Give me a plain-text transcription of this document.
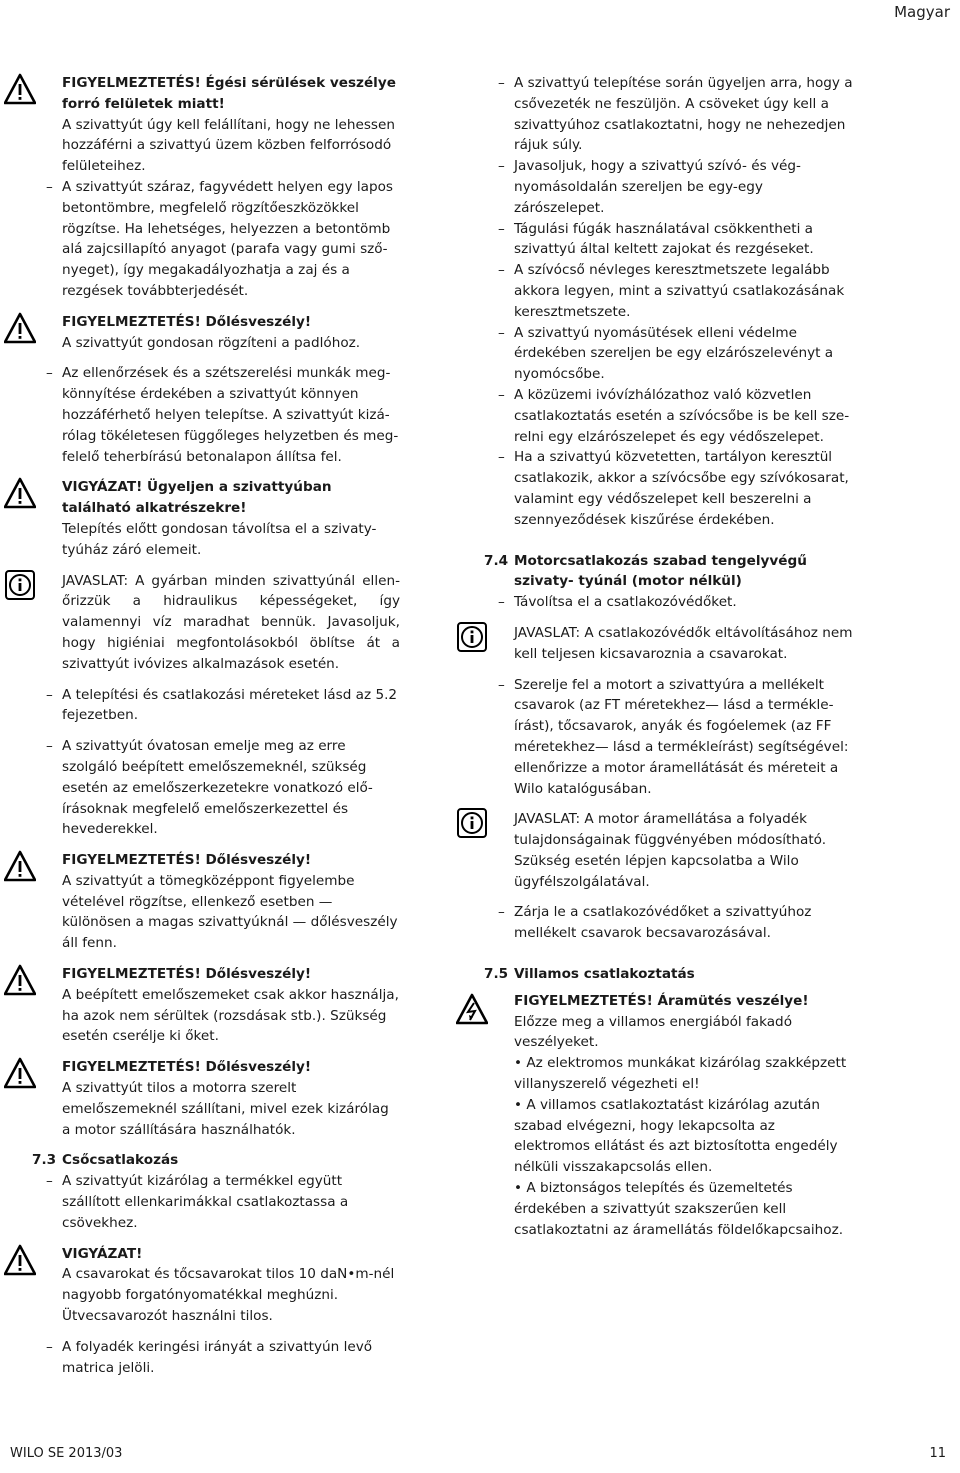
Magyar

FIGYELMEZTETÉS! Égési sérülések veszélye forró felületek miatt!

A szivattyút úgy kell felállítani, hogy ne lehessen hozzáférni a szivattyú üzem közben felforrósodó felületeihez.

– A szivattyút száraz, fagyvédett helyen egy lapos betontömbre, megfelelő rögzítőeszközökkel rögzítse. Ha lehetséges, helyezzen a betontömb alá zajcsillapító anyagot (parafa vagy gumi sző- nyeget), így megakadályozhatja a zaj és a rezgések továbbterjedését.

FIGYELMEZTETÉS! Dőlésveszély!

A szivattyút gondosan rögzíteni a padlóhoz.

– Az ellenőrzések és a szétszerelési munkák meg- könnyítése érdekében a szivattyút könnyen hozzáférhető helyen telepítse. A szivattyút kizá- rólag tökéletesen függőleges helyzetben és meg- felelő teherbírású betonalapon állítsa fel.

VIGYÁZAT! Ügyeljen a szivattyúban található alkatrészekre!

Telepítés előtt gondosan távolítsa el a szivaty- tyúház záró elemeit.

JAVASLAT: A gyárban minden szivattyúnál ellen- őrizzük a hidraulikus képességeket, így valamennyi víz maradhat bennük. Javasoljuk, hogy higiéniai megfontolásokból öblítse át a szivattyút ivóvizes alkalmazások esetén.

– A telepítési és csatlakozási méreteket lásd az 5.2 fejezetben.

– A szivattyút óvatosan emelje meg az erre szolgáló beépített emelőszemeknél, szükség esetén az emelőszerkezetekre vonatkozó elő- írásoknak megfelelő emelőszerkezettel és hevederekkel.

FIGYELMEZTETÉS! Dőlésveszély!

A szivattyút a tömegközéppont figyelembe vételével rögzítse, ellenkező esetben — különösen a magas szivattyúknál — dőlésveszély áll fenn.

FIGYELMEZTETÉS! Dőlésveszély!

A beépített emelőszemeket csak akkor használja, ha azok nem sérültek (rozsdásak stb.). Szükség esetén cserélje ki őket.

FIGYELMEZTETÉS! Dőlésveszély!

A szivattyút tilos a motorra szerelt emelőszemeknél szállítani, mivel ezek kizárólag a motor szállítására használhatók.

7.3 Csőcsatlakozás

– A szivattyút kizárólag a termékkel együtt szállított ellenkarimákkal csatlakoztassa a csövekhez.

VIGYÁZAT!

A csavarokat és tőcsavarokat tilos 10 daN•m-nél nagyobb forgatónyomatékkal meghúzni. Ütvecsavarozót használni tilos.

– A folyadék keringési irányát a szivattyún levő matrica jelöli.

– A szivattyú telepítése során ügyeljen arra, hogy a csővezeték ne feszüljön. A csöveket úgy kell a szivattyúhoz csatlakoztatni, hogy ne nehezedjen rájuk súly.

– Javasoljuk, hogy a szivattyú szívó- és vég- nyomásoldalán szereljen be egy-egy zárószelepet.

– Tágulási fúgák használatával csökkentheti a szivattyú által keltett zajokat és rezgéseket.

– A szívócső névleges keresztmetszete legalább akkora legyen, mint a szivattyú csatlakozásának keresztmetszete.

– A szivattyú nyomásütések elleni védelme érdekében szereljen be egy elzárószelevényt a nyomócsőbe.

– A közüzemi ivóvízhálózathoz való közvetlen csatlakoztatás esetén a szívócsőbe is be kell sze- relni egy elzárószelepet és egy védőszelepet.

– Ha a szivattyú közvetetten, tartályon keresztül csatlakozik, akkor a szívócsőbe egy szívókosarat, valamint egy védőszelepet kell beszerelni a szennyeződések kiszűrése érdekében.

7.4 Motorcsatlakozás szabad tengelyvégű szivaty- tyúnál (motor nélkül)

– Távolítsa el a csatlakozóvédőket.

JAVASLAT: A csatlakozóvédők eltávolításához nem kell teljesen kicsavaroznia a csavarokat.

– Szerelje fel a motort a szivattyúra a mellékelt csavarok (az FT méretekhez— lásd a termékle- írást), tőcsavarok, anyák és fogóelemek (az FF méretekhez— lásd a termékleírást) segítségével: ellenőrizze a motor áramellátását és méreteit a Wilo katalógusában.

JAVASLAT: A motor áramellátása a folyadék tulajdonságainak függvényében módosítható. Szükség esetén lépjen kapcsolatba a Wilo ügyfélszolgálatával.

– Zárja le a csatlakozóvédőket a szivattyúhoz mellékelt csavarok becsavarozásával.

7.5 Villamos csatlakoztatás

FIGYELMEZTETÉS! Áramütés veszélye!

Előzze meg a villamos energiából fakadó veszélyeket.

• Az elektromos munkákat kizárólag szakképzett villanyszerelő végezheti el!

• A villamos csatlakoztatást kizárólag azután szabad elvégezni, hogy lekapcsolta az elektromos ellátást és azt biztosította engedély nélküli visszakapcsolás ellen.

• A biztonságos telepítés és üzemeltetés érdekében a szivattyút szakszerűen kell csatlakoztatni az áramellátás földelőkapcsaihoz.

WILO SE 2013/03	11
